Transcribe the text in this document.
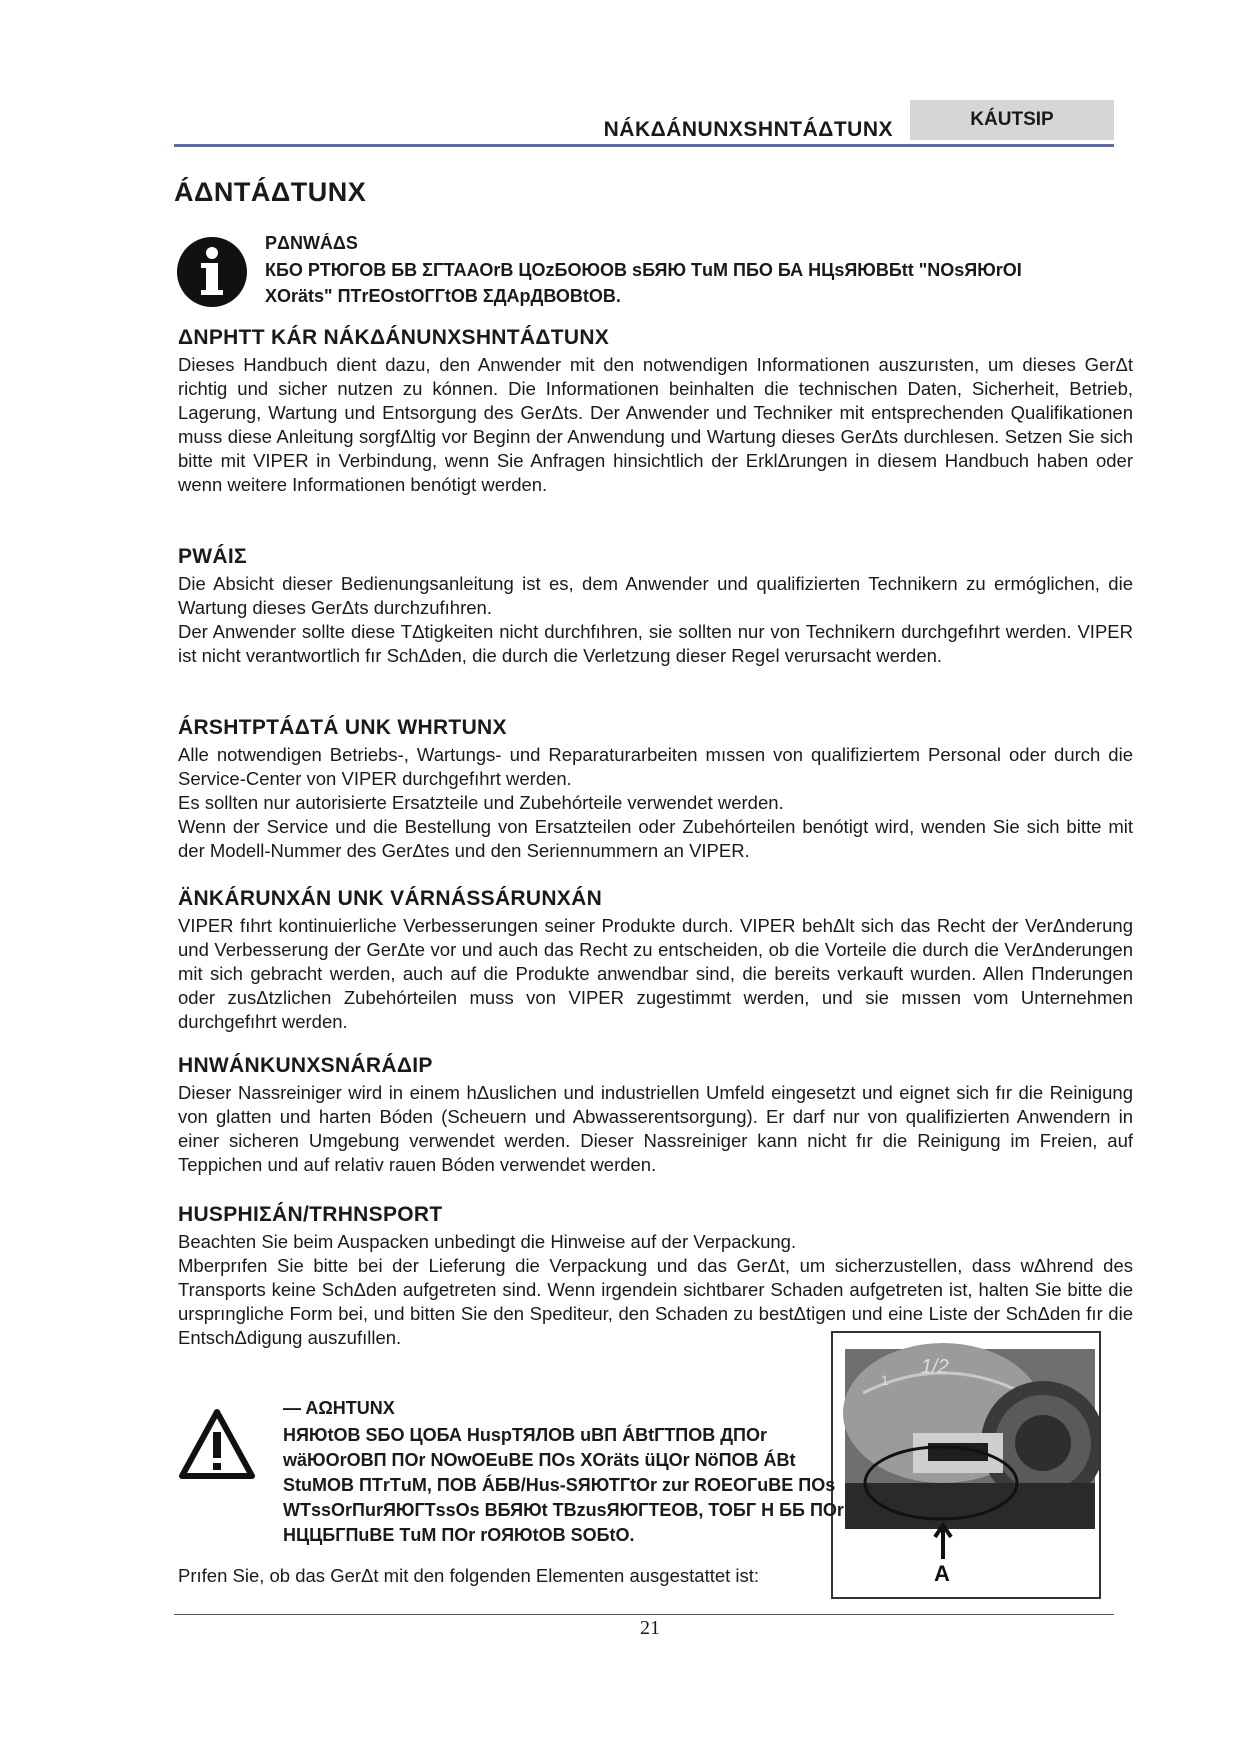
NÁKΔÁNUNXSHNTÁΔTUNX	KÁUTSIP
ÁΔNTÁΔTUNX
PΔNWÁΔS
КБО РТЮГОВ БВ ΣΓТААОrВ ЦОzБОЮОВ sБЯЮ ТuМ ПБО БА НЦsЯЮВБtt "NОsЯЮrОI
XОräts" ПТrЕОstОГГtОВ ΣДАрДВОВtОВ.
ΔNPHTT KÁR NÁKΔÁNUNXSHNTÁΔTUNX

Dieses Handbuch dient dazu, den Anwender mit den notwendigen Informationen auszurısten, um dieses GerΔt richtig und sicher nutzen zu kónnen. Die Informationen beinhalten die technischen Daten, Sicherheit, Betrieb, Lagerung, Wartung und Entsorgung des GerΔts. Der Anwender und Techniker mit entsprechenden Qualifikationen muss diese Anleitung sorgfΔltig vor Beginn der Anwendung und Wartung dieses GerΔts durchlesen. Setzen Sie sich bitte mit VIPER in Verbindung, wenn Sie Anfragen hinsichtlich der ErklΔrungen in diesem Handbuch haben oder wenn weitere Informationen benótigt werden.

PWÁIΣ

Die Absicht dieser Bedienungsanleitung ist es, dem Anwender und qualifizierten Technikern zu ermóglichen, die Wartung dieses GerΔts durchzufıhren.

Der Anwender sollte diese TΔtigkeiten nicht durchfıhren, sie sollten nur von Technikern durchgefıhrt werden. VIPER ist nicht verantwortlich fır SchΔden, die durch die Verletzung dieser Regel verursacht werden.

ÁRSHTPTÁΔTÁ UNK WHRTUNX

Alle notwendigen Betriebs-, Wartungs- und Reparaturarbeiten mıssen von qualifiziertem Personal oder durch die Service-Center von VIPER durchgefıhrt werden.

Es sollten nur autorisierte Ersatzteile und Zubehórteile verwendet werden.

Wenn der Service und die Bestellung von Ersatzteilen oder Zubehórteilen benótigt wird, wenden Sie sich bitte mit der Modell-Nummer des GerΔtes und den Seriennummern an VIPER.

ÄNKÁRUNXÁN UNK VÁRNÁSSÁRUNXÁN

VIPER fıhrt kontinuierliche Verbesserungen seiner Produkte durch. VIPER behΔlt sich das Recht der VerΔnderung und Verbesserung der GerΔte vor und auch das Recht zu entscheiden, ob die Vorteile die durch die VerΔnderungen mit sich gebracht werden, auch auf die Produkte anwendbar sind, die bereits verkauft wurden. Allen Пnderungen oder zusΔtzlichen Zubehórteilen muss von VIPER zugestimmt werden, und sie mıssen vom Unternehmen durchgefıhrt werden.

HNWÁNKUNXSNÁRÁΔIP

Dieser Nassreiniger wird in einem hΔuslichen und industriellen Umfeld eingesetzt und eignet sich fır die Reinigung von glatten und harten Bóden (Scheuern und Abwasserentsorgung). Er darf nur von qualifizierten Anwendern in einer sicheren Umgebung verwendet werden. Dieser Nassreiniger kann nicht fır die Reinigung im Freien, auf Teppichen und auf relativ rauen Bóden verwendet werden.

HUSPHIΣÁN/TRHNSPORT

Beachten Sie beim Auspacken unbedingt die Hinweise auf der Verpackung.

Mberprıfen Sie bitte bei der Lieferung die Verpackung und das GerΔt, um sicherzustellen, dass wΔhrend des Transports keine SchΔden aufgetreten sind. Wenn irgendein sichtbarer Schaden aufgetreten ist, halten Sie bitte die ursprıngliche Form bei, und bitten Sie den Spediteur, den Schaden zu bestΔtigen und eine Liste der SchΔden fır die EntschΔdigung auszufıllen.

1/2
1
A
— AΩHTUNX
НЯЮtОВ SБО ЦОБА НuspТЯЛОВ uВП ÁВtГТПОВ ДПОr
wäЮОrОВП ПОr NОwОЕuВЕ ПОs XОräts üЦОr NöПОВ ÁВt
StuМОВ ПТrТuМ, ПОВ ÁБВ/Hus-SЯЮТГtОr zur RОЕОГuВЕ ПОs
WТssОrПurЯЮГТssОs ВБЯЮt ТВzusЯЮГТЕОВ, ТОБГ Н ББ ПОr
НЦЦБГПuВЕ ТuМ ПОr rОЯЮtОВ SОБtО.
Prıfen Sie, ob das GerΔt mit den folgenden Elementen ausgestattet ist:
21
